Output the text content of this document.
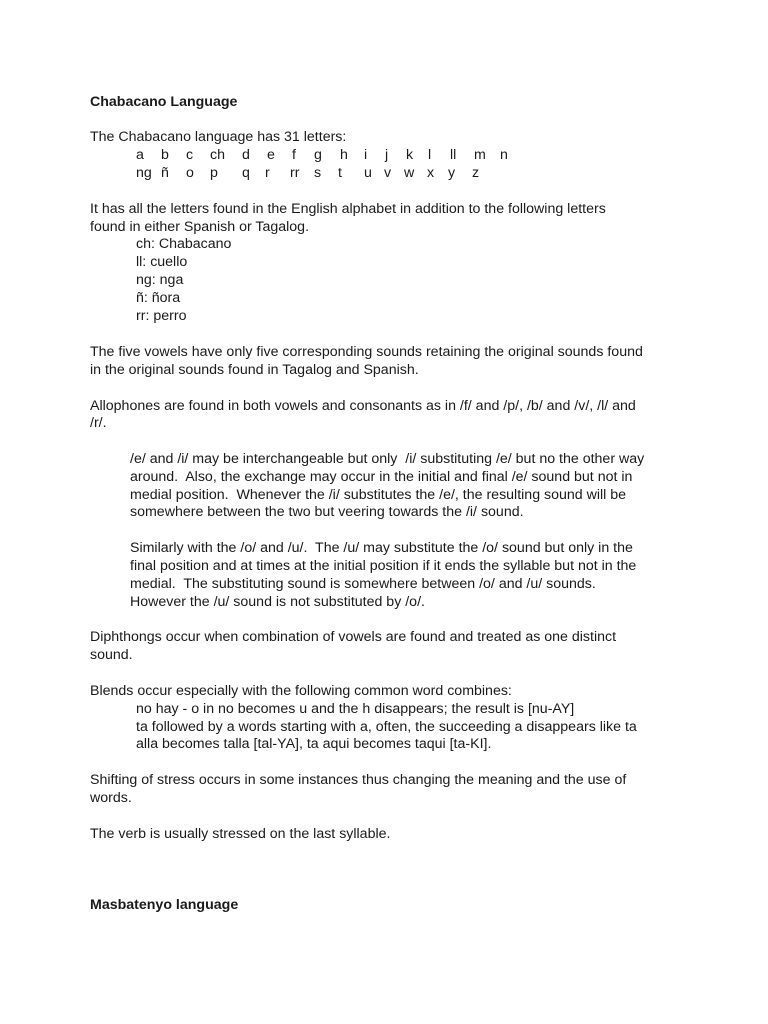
Chabacano Language
The Chabacano language has 31 letters:
a b c ch d e f g h i j k l ll m n
ng ñ o p q r rr s t u v w x y z
It has all the letters found in the English alphabet in addition to the following letters
found in either Spanish or Tagalog.
ch: Chabacano
ll: cuello
ng: nga
ñ: ñora
rr: perro
The five vowels have only five corresponding sounds retaining the original sounds found
in the original sounds found in Tagalog and Spanish.
Allophones are found in both vowels and consonants as in /f/ and /p/, /b/ and /v/, /l/ and
/r/.
/e/ and /i/ may be interchangeable but only  /i/ substituting /e/ but no the other way
around.  Also, the exchange may occur in the initial and final /e/ sound but not in
medial position.  Whenever the /i/ substitutes the /e/, the resulting sound will be
somewhere between the two but veering towards the /i/ sound.
Similarly with the /o/ and /u/.  The /u/ may substitute the /o/ sound but only in the
final position and at times at the initial position if it ends the syllable but not in the
medial.  The substituting sound is somewhere between /o/ and /u/ sounds.
However the /u/ sound is not substituted by /o/.
Diphthongs occur when combination of vowels are found and treated as one distinct
sound.
Blends occur especially with the following common word combines:
no hay - o in no becomes u and the h disappears; the result is [nu-AY]
ta followed by a words starting with a, often, the succeeding a disappears like ta
alla becomes talla [tal-YA], ta aqui becomes taqui [ta-KI].
Shifting of stress occurs in some instances thus changing the meaning and the use of
words.
The verb is usually stressed on the last syllable.
Masbatenyo language
